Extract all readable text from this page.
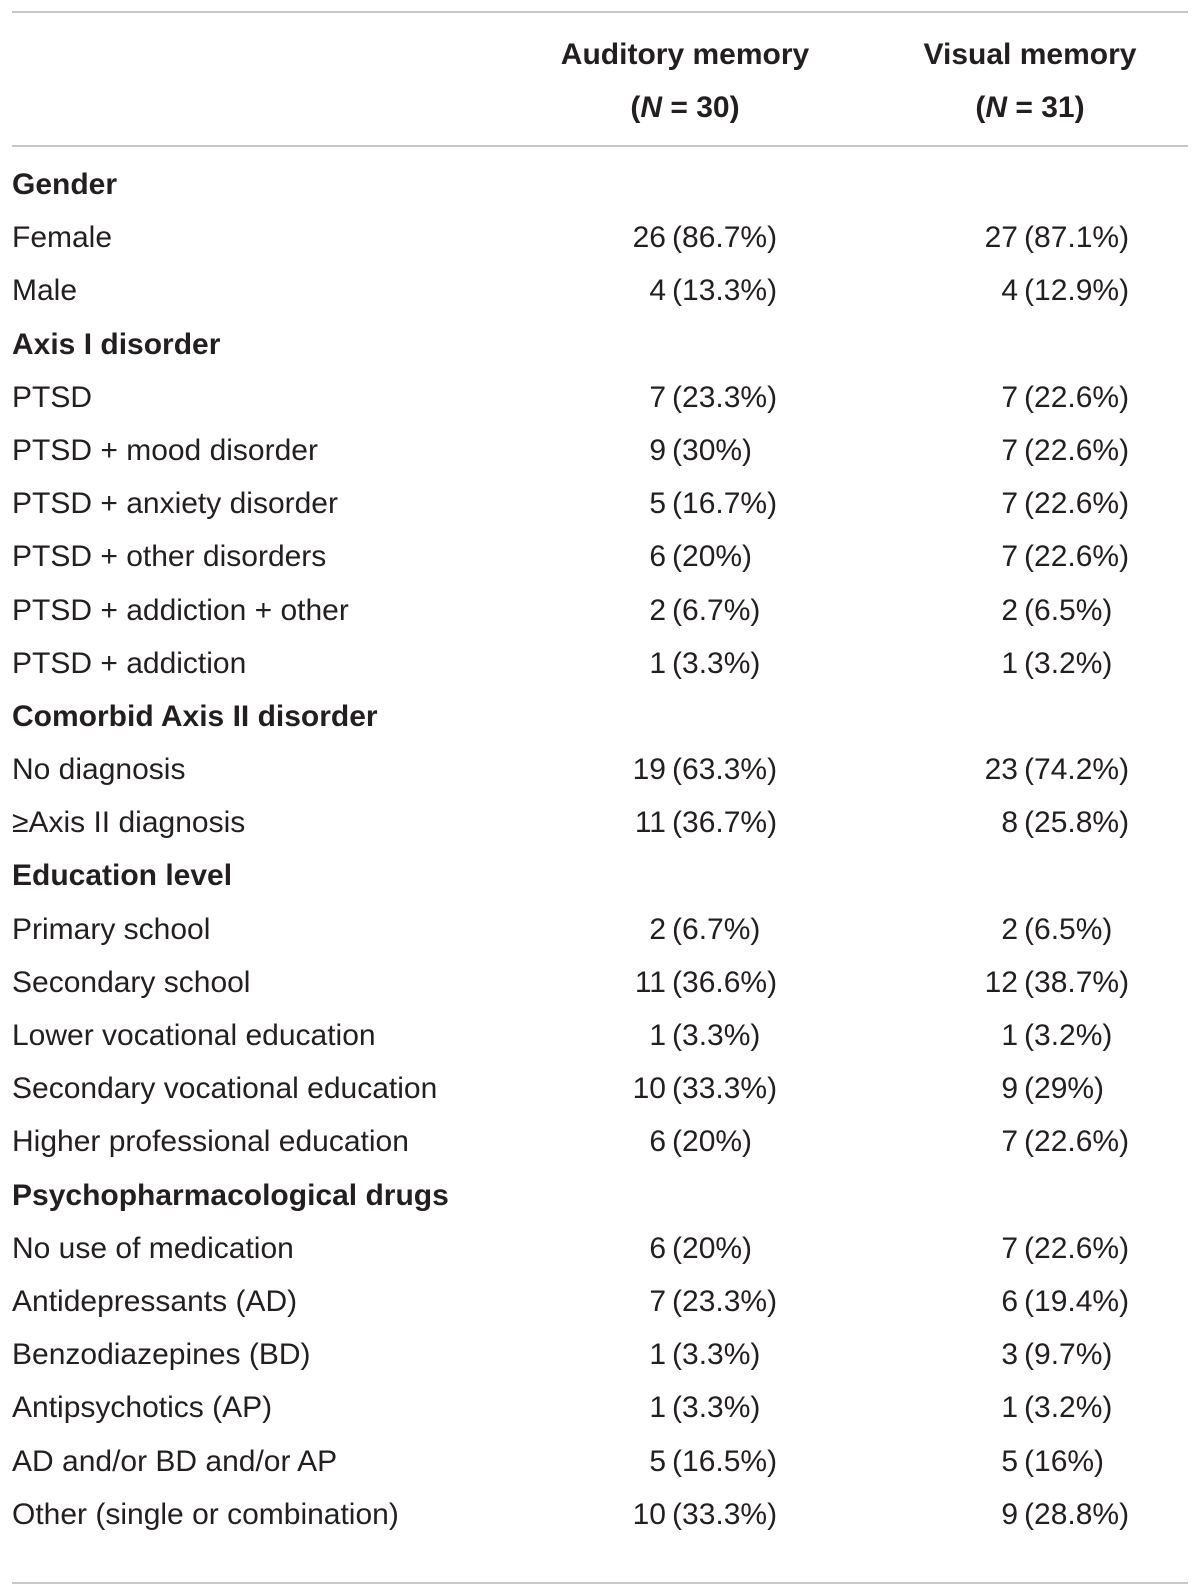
Auditory memory
(N = 30)
Visual memory
(N = 31)
Gender
Female	26  (86.7%)	27  (87.1%)
Male	4  (13.3%)	4  (12.9%)
Axis I disorder
PTSD	7  (23.3%)	7  (22.6%)
PTSD + mood disorder	9  (30%)	7  (22.6%)
PTSD + anxiety disorder	5  (16.7%)	7  (22.6%)
PTSD + other disorders	6  (20%)	7  (22.6%)
PTSD + addiction + other	2  (6.7%)	2  (6.5%)
PTSD + addiction	1  (3.3%)	1  (3.2%)
Comorbid Axis II disorder
No diagnosis	19  (63.3%)	23  (74.2%)
≥Axis II diagnosis	11  (36.7%)	8  (25.8%)
Education level
Primary school	2  (6.7%)	2  (6.5%)
Secondary school	11  (36.6%)	12  (38.7%)
Lower vocational education	1  (3.3%)	1  (3.2%)
Secondary vocational education	10  (33.3%)	9  (29%)
Higher professional education	6  (20%)	7  (22.6%)
Psychopharmacological drugs
No use of medication	6  (20%)	7  (22.6%)
Antidepressants (AD)	7  (23.3%)	6  (19.4%)
Benzodiazepines (BD)	1  (3.3%)	3  (9.7%)
Antipsychotics (AP)	1  (3.3%)	1  (3.2%)
AD and/or BD and/or AP	5  (16.5%)	5  (16%)
Other (single or combination)	10  (33.3%)	9  (28.8%)
